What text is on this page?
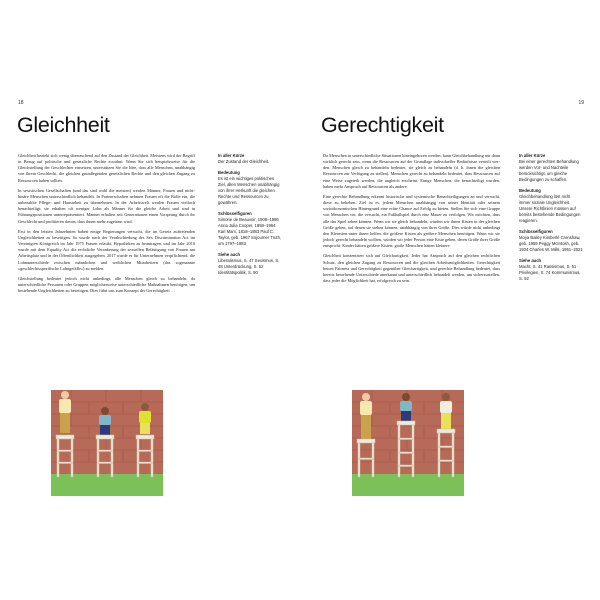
18
Gleichheit

Gleichheit bezieht sich wenig überraschend auf den Zustand der Gleichheit. Meistens wird der Begriff in Bezug auf politische und gesetzliche Rechte erwähnt. Wenn Sie sich beispielsweise für die Gleichstellung der Geschlechter einsetzen, unterstützen Sie die Idee, dass alle Menschen, unabhängig von ihrem Geschlecht, die gleichen grundlegenden gesetzlichen Rechte und den gleichen Zugang zu Ressourcen haben sollten.

In sexistischen Gesellschaften (und das sind wohl die meisten) werden Männer, Frauen und nicht-binäre Menschen unterschiedlich behandelt. In Partnerschaften nehmen Frauen oft die Rolle ein, die unbezahlte Pflege- und Hausarbeit zu übernehmen. In der Arbeitswelt werden Frauen vielfach benachteiligt; sie erhalten oft weniger Lohn als Männer für die gleiche Arbeit und sind in Führungspositionen unterrepräsentiert. Männer erhalten seit Generationen einen Vorsprung durch ihr Geschlecht und profitieren davon, dass ihnen mehr zugetraut wird.

Erst in den letzten Jahrzehnten haben einige Regierungen versucht, die im Gesetz auftretenden Ungleichheiten zu beseitigen. So wurde nach der Verabschiedung des Sex Discrimination Act im Vereinigten Königreich im Jahr 1975 Frauen erlaubt, Hypotheken zu beantragen, und im Jahr 2010 wurde mit dem Equality Act die rechtliche Verankerung der sexuellen Belästigung von Frauen am Arbeitsplatz und in der Öffentlichkeit ausgegeben. 2017 wurde es für Unternehmen verpflichtend, die Lohnunterschiede zwischen männlichen und weiblichen Mitarbeitern (das sogenannte »geschlechtsspezifische Lohngefälle«) zu melden.

Gleichstellung bedeutet jedoch nicht unbedingt, alle Menschen gleich zu behandeln, da unterschiedliche Personen oder Gruppen möglicherweise unterschiedliche Maßnahmen benötigen, um bestehende Ungleichheiten zu beseitigen. Dies führt uns zum Konzept der Gerechtigkeit …

In aller Kürze

Der Zustand der Gleichheit.

Bedeutung

Es ist ein wichtiges politisches Ziel, allen Menschen unabhängig von ihrer Herkunft die gleichen Rechte und Ressourcen zu gewähren.

Schlüsselfiguren

Simone de Beauvoir, 1908–1986 Anna Julia Cooper, 1858–1964 Karl Marx, 1818–1883 Paul C. Taylor, geb. 1967 Sojourner Truth, um 1797–1883

Siehe auch

Liberalismus, S. 47 Sexismus, S. 48 Unterdrückung, S. 52 Identitätspolitik, S. 90

19
Gerechtigkeit

Da Menschen in unterschiedliche Situationen hineingeboren werden, kann Gleichbehandlung nur dann wirklich gerecht sein, wenn die Ressourcen auf der Grundlage individueller Bedürfnisse verteilt werden. Menschen gleich zu behandeln bedeutet, sie gleich zu behandeln (d. h. ihnen die gleichen Ressourcen zur Verfügung zu stellen). Menschen gerecht zu behandeln bedeutet, dass Ressourcen auf eine Weise zugeteilt werden, die ungleich erscheint. Einige Menschen, die benachteiligt wurden, haben mehr Anspruch auf Ressourcen als andere.

Eine gerechte Behandlung erkennt historische und systemische Benachteiligungen an und versucht, diese zu beheben. Ziel ist es, jedem Menschen unabhängig von seiner Identität oder seinem sozioökonomischen Hintergrund eine echte Chance auf Erfolg zu bieten. Stellen Sie sich eine Gruppe von Menschen vor, die versucht, ein Fußballspiel durch eine Mauer zu verfolgen. Wir möchten, dass alle das Spiel sehen können. Wenn wir sie gleich behandeln, würden wir ihnen Kisten in der gleichen Größe geben, auf denen sie stehen können, unabhängig von ihrer Größe. Dies würde nicht unbedingt den Kleinsten unter ihnen helfen, die größere Kisten als größere Menschen benötigen. Wenn wir sie jedoch gerecht behandeln wollten, würden wir jeder Person eine Kiste geben, deren Größe ihrer Größe entspricht: Kinder hätten größere Kisten; große Menschen hätten kleinere.

Gleichheit konzentriert sich auf Gleichartigkeit. Jeder hat Anspruch auf den gleichen rechtlichen Schutz, den gleichen Zugang zu Ressourcen und die gleichen Arbeitsmöglichkeiten. Gerechtigkeit betont Fairness und Gerechtigkeit gegenüber Gleichartigkeit, und gerechte Behandlung bedeutet, dass bereits bestehende Unterschiede anerkannt und unterschiedlich behandelt werden, um sicherzustellen, dass jeder die Möglichkeit hat, erfolgreich zu sein.

In aller Kürze

Bei einer gerechten Behandlung werden Vor- und Nachteile berücksichtigt, um gleiche Bedingungen zu schaffen.

Bedeutung

Gleichbehandlung löst nicht immer soziale Ungleichheit. Unsere Richtlinien müssen auf bereits bestehende Bedingungen reagieren.

Schlüsselfiguren

Moya Bailey Kimberlé Crenshaw, geb. 1959 Peggy McIntosh, geb. 1934 Charles W. Mills, 1951–2021

Siehe auch

Macht, S. 41 Rassismus, S. 51 Privilegien, S. 74 Kommunismus, S. 92
